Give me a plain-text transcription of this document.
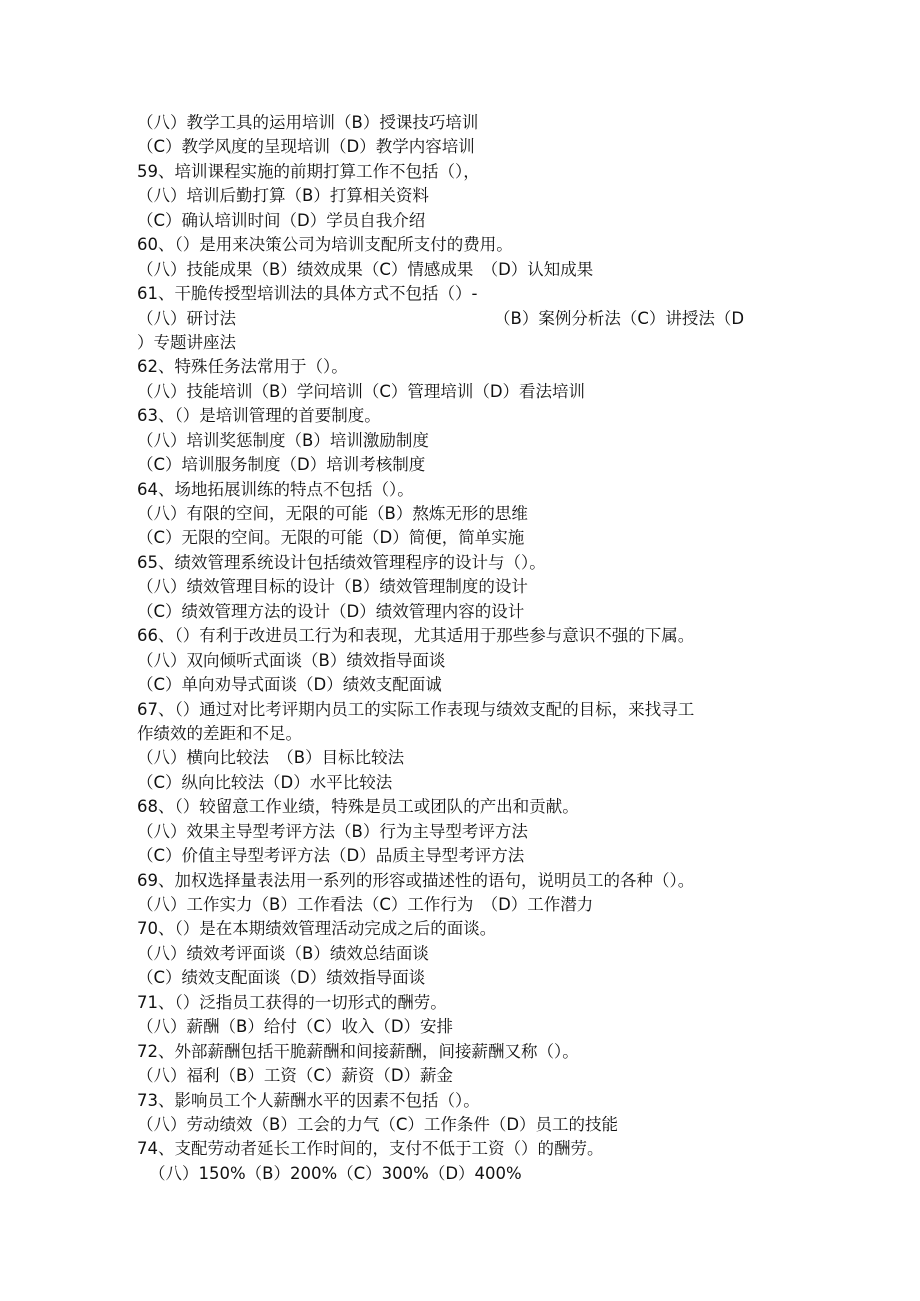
（八）教学工具的运用培训（B）授课技巧培训
（C）教学风度的呈现培训（D）教学内容培训
59、培训课程实施的前期打算工作不包括（），
（八）培训后勤打算（B）打算相关资料
（C）确认培训时间（D）学员自我介绍
60、（）是用来决策公司为培训支配所支付的费用。
（八）技能成果（B）绩效成果（C）情感成果　（D）认知成果
61、干脆传授型培训法的具体方式不包括（）-
（八）研讨法	（B）案例分析法（C）讲授法（D
）专题讲座法
62、特殊任务法常用于（）。
（八）技能培训（B）学问培训（C）管理培训（D）看法培训
63、（）是培训管理的首要制度。
（八）培训奖惩制度（B）培训激励制度
（C）培训服务制度（D）培训考核制度
64、场地拓展训练的特点不包括（）。
（八）有限的空间，无限的可能（B）熬炼无形的思维
（C）无限的空间。无限的可能（D）简便，简单实施
65、绩效管理系统设计包括绩效管理程序的设计与（）。
（八）绩效管理目标的设计（B）绩效管理制度的设计
（C）绩效管理方法的设计（D）绩效管理内容的设计
66、（）有利于改进员工行为和表现，尤其适用于那些参与意识不强的下属。
（八）双向倾听式面谈（B）绩效指导面谈
（C）单向劝导式面谈（D）绩效支配面诚
67、（）通过对比考评期内员工的实际工作表现与绩效支配的目标，来找寻工
作绩效的差距和不足。
（八）横向比较法　（B）目标比较法
（C）纵向比较法（D）水平比较法
68、（）较留意工作业绩，特殊是员工或团队的产出和贡献。
（八）效果主导型考评方法（B）行为主导型考评方法
（C）价值主导型考评方法（D）品质主导型考评方法
69、加权选择量表法用一系列的形容或描述性的语句，说明员工的各种（）。
（八）工作实力（B）工作看法（C）工作行为　（D）工作潜力
70、（）是在本期绩效管理活动完成之后的面谈。
（八）绩效考评面谈（B）绩效总结面谈
（C）绩效支配面谈（D）绩效指导面谈
71、（）泛指员工获得的一切形式的酬劳。
（八）薪酬（B）给付（C）收入（D）安排
72、外部薪酬包括干脆薪酬和间接薪酬，间接薪酬又称（）。
（八）福利（B）工资（C）薪资（D）薪金
73、影响员工个人薪酬水平的因素不包括（）。
（八）劳动绩效（B）工会的力气（C）工作条件（D）员工的技能
74、支配劳动者延长工作时间的，支付不低于工资（）的酬劳。
（八）150%（B）200%（C）300%（D）400%
